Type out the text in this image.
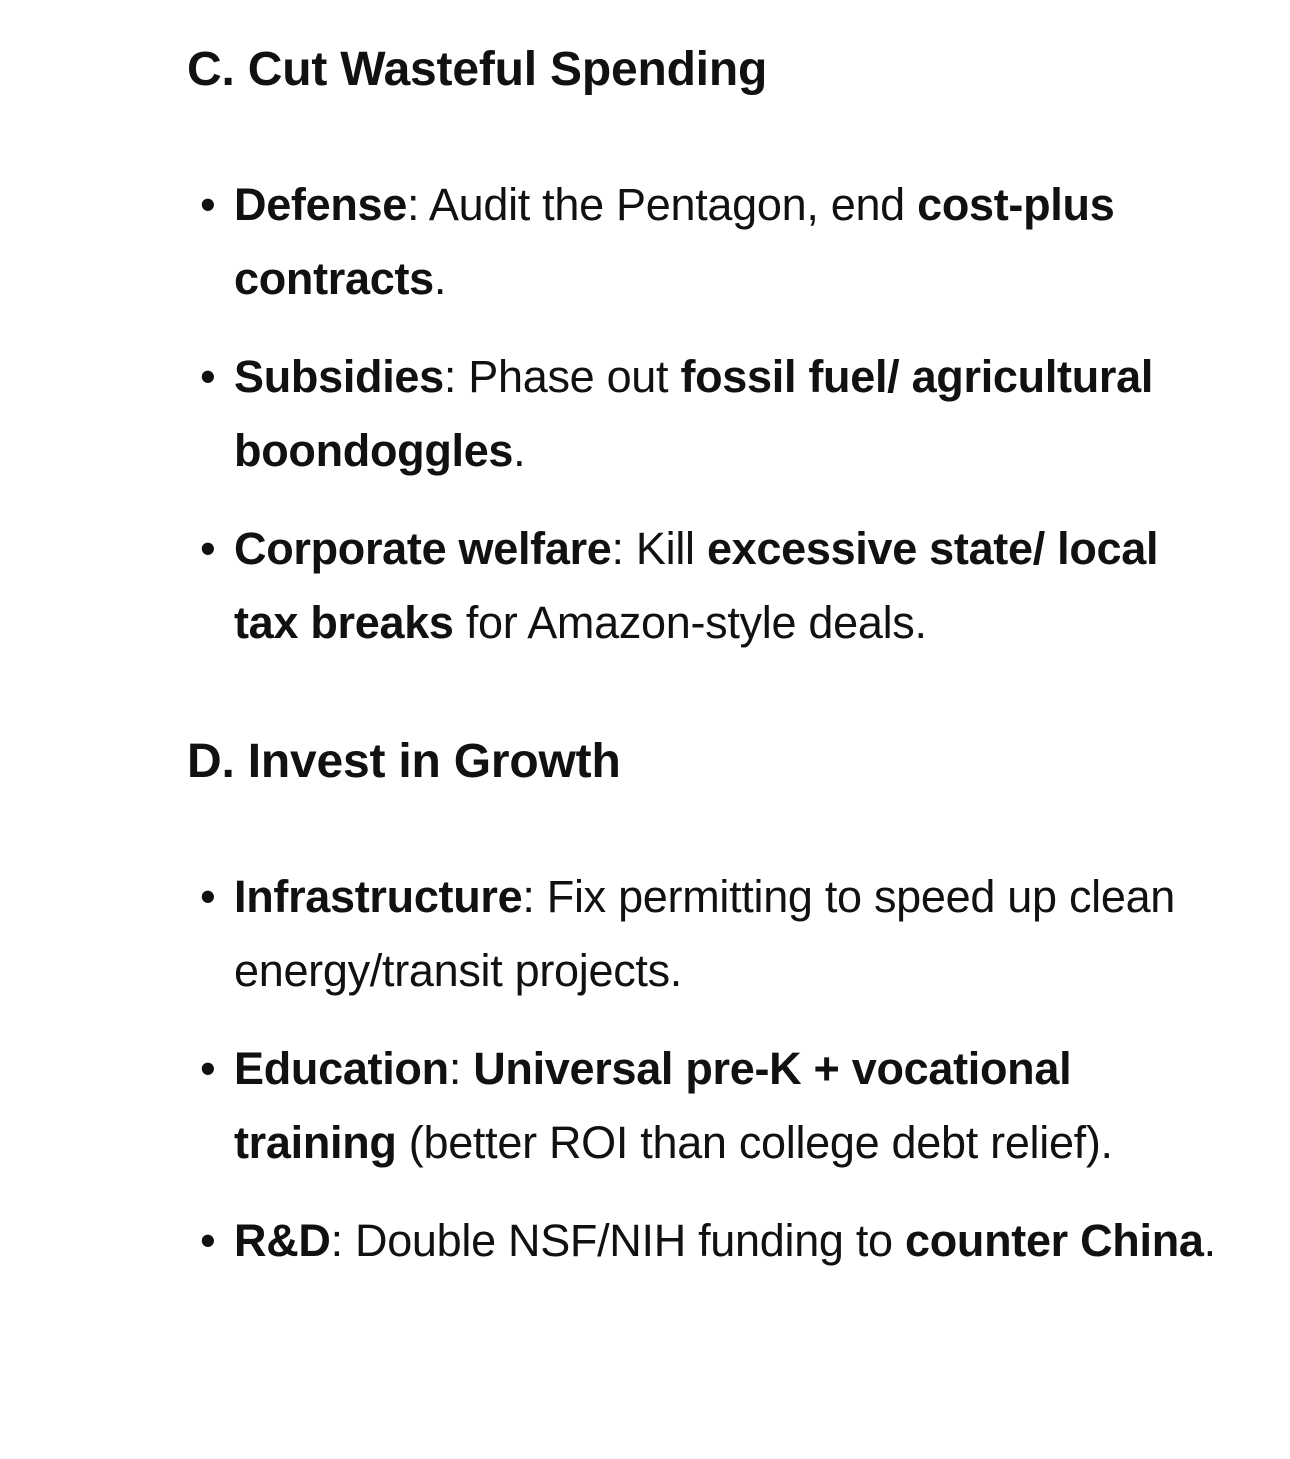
C. Cut Wasteful Spending
• Defense: Audit the Pentagon, end cost-plus contracts.
• Subsidies: Phase out fossil fuel/ agricultural boondoggles.
• Corporate welfare: Kill excessive state/ local tax breaks for Amazon-style deals.
D. Invest in Growth
• Infrastructure: Fix permitting to speed up clean energy/transit projects.
• Education: Universal pre-K + vocational training (better ROI than college debt relief).
• R&D: Double NSF/NIH funding to counter China.
